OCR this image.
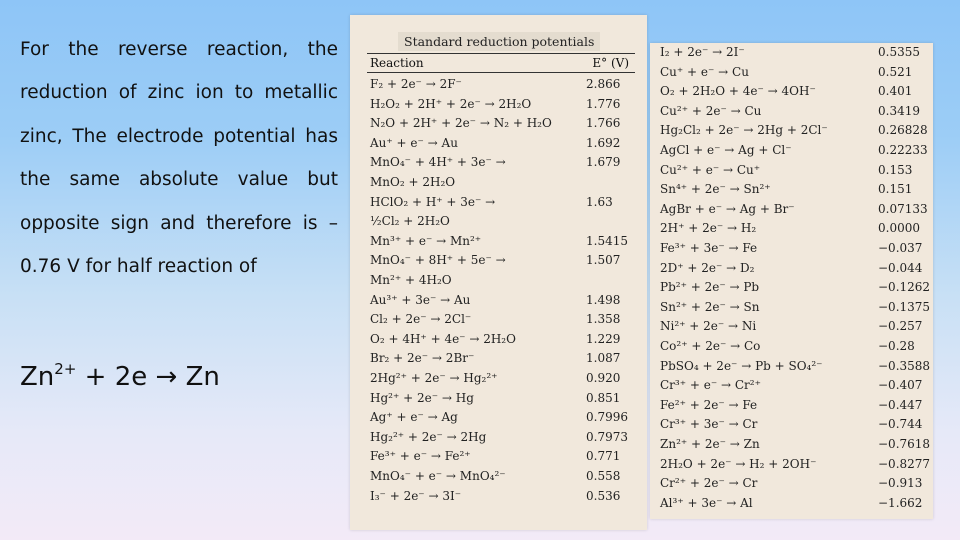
For the reverse reaction, the reduction of zinc ion to metallic zinc, The electrode potential has the same absolute value but opposite sign and therefore is – 0.76 V for half reaction of

$Zn^{2+} + 2e \to Zn$
Standard reduction potentials
Reaction	E° (V)
F₂ + 2e⁻ → 2F⁻	2.866
H₂O₂ + 2H⁺ + 2e⁻ → 2H₂O	1.776
N₂O + 2H⁺ + 2e⁻ → N₂ + H₂O	1.766
Au⁺ + e⁻ → Au	1.692
MnO₄⁻ + 4H⁺ + 3e⁻ →	1.679
MnO₂ + 2H₂O
HClO₂ + H⁺ + 3e⁻ →	1.63
½Cl₂ + 2H₂O
Mn³⁺ + e⁻ → Mn²⁺	1.5415
MnO₄⁻ + 8H⁺ + 5e⁻ →	1.507
Mn²⁺ + 4H₂O
Au³⁺ + 3e⁻ → Au	1.498
Cl₂ + 2e⁻ → 2Cl⁻	1.358
O₂ + 4H⁺ + 4e⁻ → 2H₂O	1.229
Br₂ + 2e⁻ → 2Br⁻	1.087
2Hg²⁺ + 2e⁻ → Hg₂²⁺	0.920
Hg²⁺ + 2e⁻ → Hg	0.851
Ag⁺ + e⁻ → Ag	0.7996
Hg₂²⁺ + 2e⁻ → 2Hg	0.7973
Fe³⁺ + e⁻ → Fe²⁺	0.771
MnO₄⁻ + e⁻ → MnO₄²⁻	0.558
I₃⁻ + 2e⁻ → 3I⁻	0.536
I₂ + 2e⁻ → 2I⁻	0.5355
Cu⁺ + e⁻ → Cu	0.521
O₂ + 2H₂O + 4e⁻ → 4OH⁻	0.401
Cu²⁺ + 2e⁻ → Cu	0.3419
Hg₂Cl₂ + 2e⁻ → 2Hg + 2Cl⁻	0.26828
AgCl + e⁻ → Ag + Cl⁻	0.22233
Cu²⁺ + e⁻ → Cu⁺	0.153
Sn⁴⁺ + 2e⁻ → Sn²⁺	0.151
AgBr + e⁻ → Ag + Br⁻	0.07133
2H⁺ + 2e⁻ → H₂	0.0000
Fe³⁺ + 3e⁻ → Fe	−0.037
2D⁺ + 2e⁻ → D₂	−0.044
Pb²⁺ + 2e⁻ → Pb	−0.1262
Sn²⁺ + 2e⁻ → Sn	−0.1375
Ni²⁺ + 2e⁻ → Ni	−0.257
Co²⁺ + 2e⁻ → Co	−0.28
PbSO₄ + 2e⁻ → Pb + SO₄²⁻	−0.3588
Cr³⁺ + e⁻ → Cr²⁺	−0.407
Fe²⁺ + 2e⁻ → Fe	−0.447
Cr³⁺ + 3e⁻ → Cr	−0.744
Zn²⁺ + 2e⁻ → Zn	−0.7618
2H₂O + 2e⁻ → H₂ + 2OH⁻	−0.8277
Cr²⁺ + 2e⁻ → Cr	−0.913
Al³⁺ + 3e⁻ → Al	−1.662
